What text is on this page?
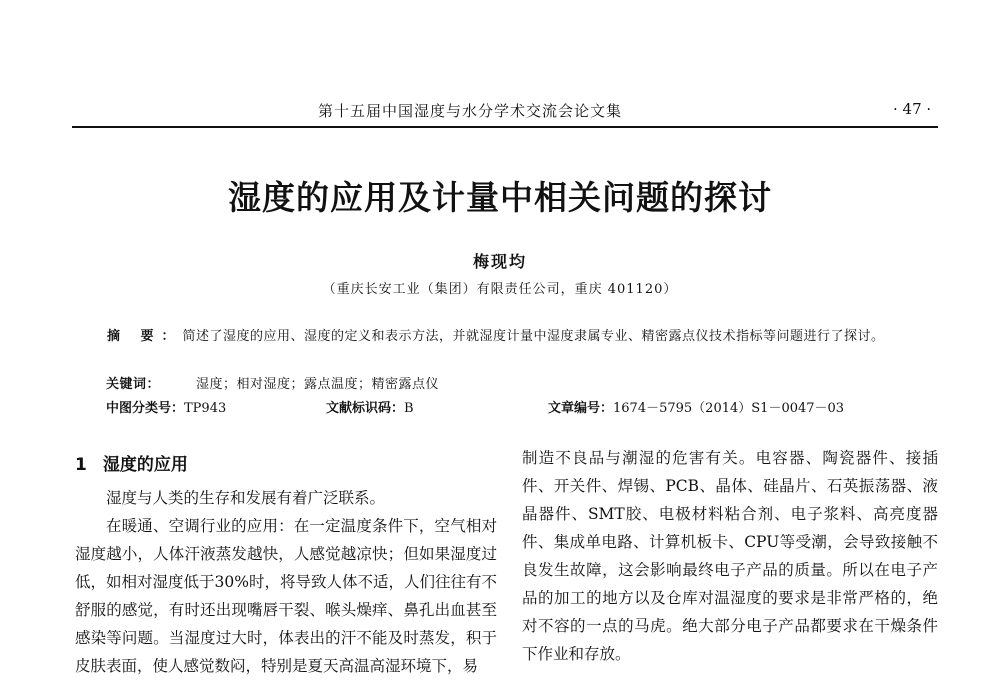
第十五届中国湿度与水分学术交流会论文集	· 47 ·
湿度的应用及计量中相关问题的探讨
梅现均
（重庆长安工业（集团）有限责任公司，重庆 401120）
摘 要：简述了湿度的应用、湿度的定义和表示方法，并就湿度计量中湿度隶属专业、精密露点仪技术指标等问题进行了探讨。
关键词：	湿度；相对湿度；露点温度；精密露点仪
中图分类号：TP943	文献标识码：B	文章编号：1674－5795（2014）S1－0047－03
1 湿度的应用

湿度与人类的生存和发展有着广泛联系。

在暖通、空调行业的应用：在一定温度条件下，空气相对湿度越小，人体汗液蒸发越快，人感觉越凉快；但如果湿度过低，如相对湿度低于30%时，将导致人体不适，人们往往有不舒服的感觉，有时还出现嘴唇干裂、喉头燥痒、鼻孔出血甚至感染等问题。当湿度过大时，体表出的汗不能及时蒸发，积于皮肤表面，使人感觉数闷，特别是夏天高温高湿环境下，易

制造不良品与潮湿的危害有关。电容器、陶瓷器件、接插件、开关件、焊锡、PCB、晶体、硅晶片、石英振荡器、液晶器件、SMT胶、电极材料粘合剂、电子浆料、高亮度器件、集成单电路、计算机板卡、CPU等受潮，会导致接触不良发生故障，这会影响最终电子产品的质量。所以在电子产品的加工的地方以及仓库对温湿度的要求是非常严格的，绝对不容的一点的马虎。绝大部分电子产品都要求在干燥条件下作业和存放。
